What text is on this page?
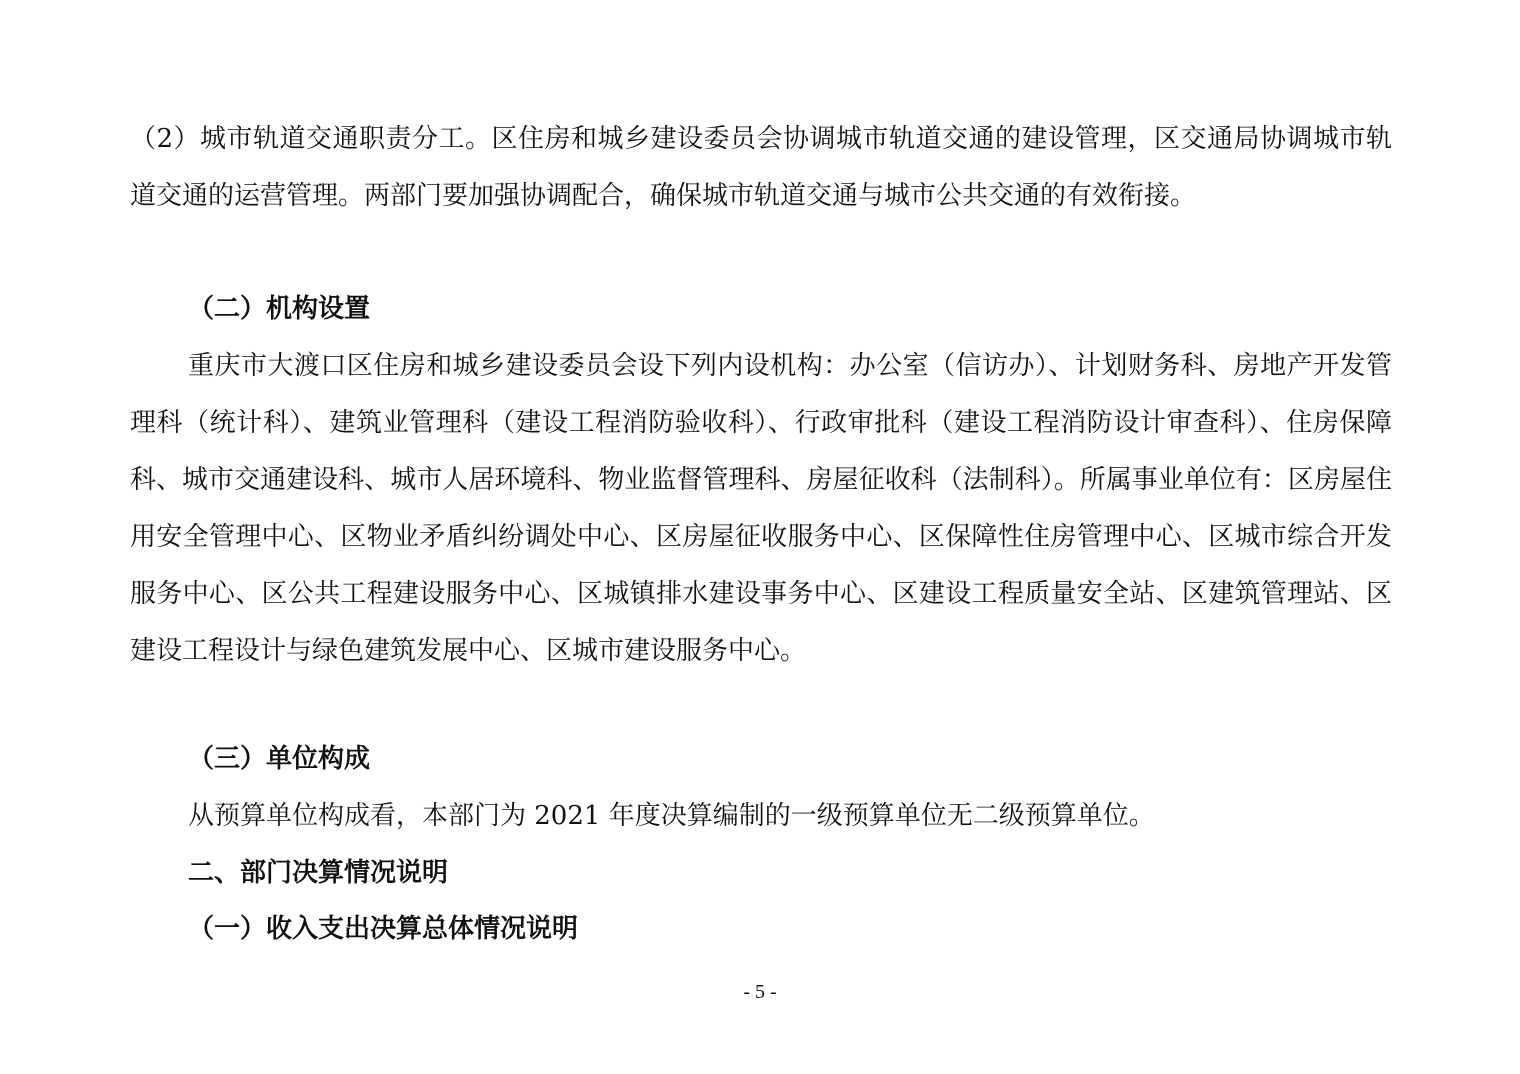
（2）城市轨道交通职责分工。区住房和城乡建设委员会协调城市轨道交通的建设管理，区交通局协调城市轨道交通的运营管理。两部门要加强协调配合，确保城市轨道交通与城市公共交通的有效衔接。

（二）机构设置

重庆市大渡口区住房和城乡建设委员会设下列内设机构：办公室（信访办）、计划财务科、房地产开发管理科（统计科）、建筑业管理科（建设工程消防验收科）、行政审批科（建设工程消防设计审查科）、住房保障科、城市交通建设科、城市人居环境科、物业监督管理科、房屋征收科（法制科）。所属事业单位有：区房屋住用安全管理中心、区物业矛盾纠纷调处中心、区房屋征收服务中心、区保障性住房管理中心、区城市综合开发服务中心、区公共工程建设服务中心、区城镇排水建设事务中心、区建设工程质量安全站、区建筑管理站、区建设工程设计与绿色建筑发展中心、区城市建设服务中心。

（三）单位构成

从预算单位构成看，本部门为 2021 年度决算编制的一级预算单位无二级预算单位。

二、部门决算情况说明

（一）收入支出决算总体情况说明

- 5 -
